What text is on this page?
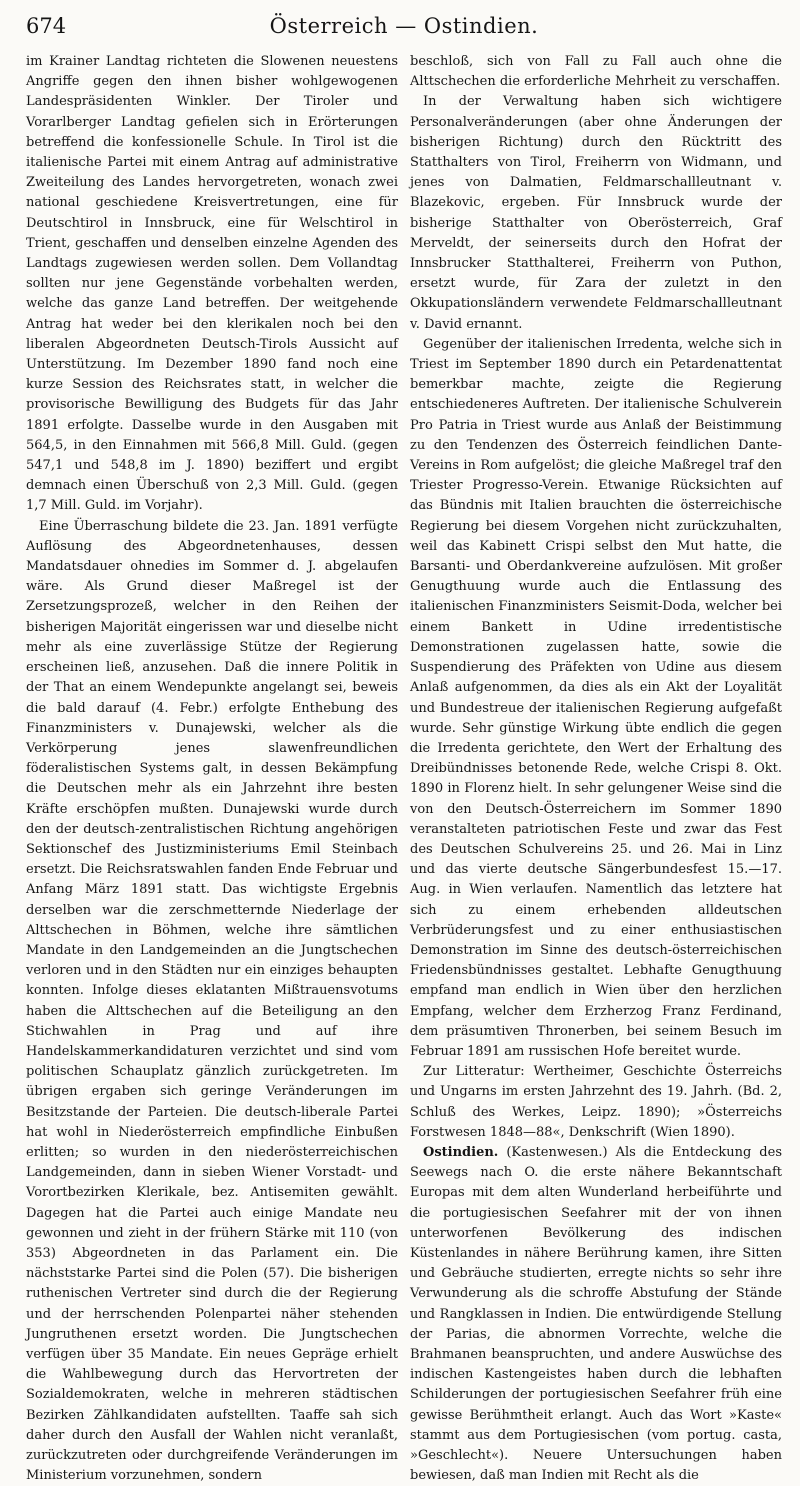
674	Österreich — Ostindien.

im Krainer Landtag richteten die Slowenen neuestens Angriffe gegen den ihnen bisher wohlgewogenen Landespräsidenten Winkler. Der Tiroler und Vorarlberger Landtag gefielen sich in Erörterungen betreffend die konfessionelle Schule. In Tirol ist die italienische Partei mit einem Antrag auf administrative Zweiteilung des Landes hervorgetreten, wonach zwei national geschiedene Kreisvertretungen, eine für Deutschtirol in Innsbruck, eine für Welschtirol in Trient, geschaffen und denselben einzelne Agenden des Landtags zugewiesen werden sollen. Dem Vollandtag sollten nur jene Gegenstände vorbehalten werden, welche das ganze Land betreffen. Der weitgehende Antrag hat weder bei den klerikalen noch bei den liberalen Abgeordneten Deutsch-Tirols Aussicht auf Unterstützung. Im Dezember 1890 fand noch eine kurze Session des Reichsrates statt, in welcher die provisorische Bewilligung des Budgets für das Jahr 1891 erfolgte. Dasselbe wurde in den Ausgaben mit 564,5, in den Einnahmen mit 566,8 Mill. Guld. (gegen 547,1 und 548,8 im J. 1890) beziffert und ergibt demnach einen Überschuß von 2,3 Mill. Guld. (gegen 1,7 Mill. Guld. im Vorjahr).

Eine Überraschung bildete die 23. Jan. 1891 verfügte Auflösung des Abgeordnetenhauses, dessen Mandatsdauer ohnedies im Sommer d. J. abgelaufen wäre. Als Grund dieser Maßregel ist der Zersetzungsprozeß, welcher in den Reihen der bisherigen Majorität eingerissen war und dieselbe nicht mehr als eine zuverlässige Stütze der Regierung erscheinen ließ, anzusehen. Daß die innere Politik in der That an einem Wendepunkte angelangt sei, beweis die bald darauf (4. Febr.) erfolgte Enthebung des Finanzministers v. Dunajewski, welcher als die Verkörperung jenes slawenfreundlichen föderalistischen Systems galt, in dessen Bekämpfung die Deutschen mehr als ein Jahrzehnt ihre besten Kräfte erschöpfen mußten. Dunajewski wurde durch den der deutsch-zentralistischen Richtung angehörigen Sektionschef des Justizministeriums Emil Steinbach ersetzt. Die Reichsratswahlen fanden Ende Februar und Anfang März 1891 statt. Das wichtigste Ergebnis derselben war die zerschmetternde Niederlage der Alttschechen in Böhmen, welche ihre sämtlichen Mandate in den Landgemeinden an die Jungtschechen verloren und in den Städten nur ein einziges behaupten konnten. Infolge dieses eklatanten Mißtrauensvotums haben die Alttschechen auf die Beteiligung an den Stichwahlen in Prag und auf ihre Handelskammerkandidaturen verzichtet und sind vom politischen Schauplatz gänzlich zurückgetreten. Im übrigen ergaben sich geringe Veränderungen im Besitzstande der Parteien. Die deutsch-liberale Partei hat wohl in Niederösterreich empfindliche Einbußen erlitten; so wurden in den niederösterreichischen Landgemeinden, dann in sieben Wiener Vorstadt- und Vorortbezirken Klerikale, bez. Antisemiten gewählt. Dagegen hat die Partei auch einige Mandate neu gewonnen und zieht in der frühern Stärke mit 110 (von 353) Abgeordneten in das Parlament ein. Die nächststarke Partei sind die Polen (57). Die bisherigen ruthenischen Vertreter sind durch die der Regierung und der herrschenden Polenpartei näher stehenden Jungruthenen ersetzt worden. Die Jungtschechen verfügen über 35 Mandate. Ein neues Gepräge erhielt die Wahlbewegung durch das Hervortreten der Sozialdemokraten, welche in mehreren städtischen Bezirken Zählkandidaten aufstellten. Taaffe sah sich daher durch den Ausfall der Wahlen nicht veranlaßt, zurückzutreten oder durchgreifende Veränderungen im Ministerium vorzunehmen, sondern

beschloß, sich von Fall zu Fall auch ohne die Alttschechen die erforderliche Mehrheit zu verschaffen.

In der Verwaltung haben sich wichtigere Personalveränderungen (aber ohne Änderungen der bisherigen Richtung) durch den Rücktritt des Statthalters von Tirol, Freiherrn von Widmann, und jenes von Dalmatien, Feldmarschallleutnant v. Blazekovic, ergeben. Für Innsbruck wurde der bisherige Statthalter von Oberösterreich, Graf Merveldt, der seinerseits durch den Hofrat der Innsbrucker Statthalterei, Freiherrn von Puthon, ersetzt wurde, für Zara der zuletzt in den Okkupationsländern verwendete Feldmarschallleutnant v. David ernannt.

Gegenüber der italienischen Irredenta, welche sich in Triest im September 1890 durch ein Petardenattentat bemerkbar machte, zeigte die Regierung entschiedeneres Auftreten. Der italienische Schulverein Pro Patria in Triest wurde aus Anlaß der Beistimmung zu den Tendenzen des Österreich feindlichen Dante-Vereins in Rom aufgelöst; die gleiche Maßregel traf den Triester Progresso-Verein. Etwanige Rücksichten auf das Bündnis mit Italien brauchten die österreichische Regierung bei diesem Vorgehen nicht zurückzuhalten, weil das Kabinett Crispi selbst den Mut hatte, die Barsanti- und Oberdankvereine aufzulösen. Mit großer Genugthuung wurde auch die Entlassung des italienischen Finanzministers Seismit-Doda, welcher bei einem Bankett in Udine irredentistische Demonstrationen zugelassen hatte, sowie die Suspendierung des Präfekten von Udine aus diesem Anlaß aufgenommen, da dies als ein Akt der Loyalität und Bundestreue der italienischen Regierung aufgefaßt wurde. Sehr günstige Wirkung übte endlich die gegen die Irredenta gerichtete, den Wert der Erhaltung des Dreibündnisses betonende Rede, welche Crispi 8. Okt. 1890 in Florenz hielt. In sehr gelungener Weise sind die von den Deutsch-Österreichern im Sommer 1890 veranstalteten patriotischen Feste und zwar das Fest des Deutschen Schulvereins 25. und 26. Mai in Linz und das vierte deutsche Sängerbundesfest 15.—17. Aug. in Wien verlaufen. Namentlich das letztere hat sich zu einem erhebenden alldeutschen Verbrüderungsfest und zu einer enthusiastischen Demonstration im Sinne des deutsch-österreichischen Friedensbündnisses gestaltet. Lebhafte Genugthuung empfand man endlich in Wien über den herzlichen Empfang, welcher dem Erzherzog Franz Ferdinand, dem präsumtiven Thronerben, bei seinem Besuch im Februar 1891 am russischen Hofe bereitet wurde.

Zur Litteratur: Wertheimer, Geschichte Österreichs und Ungarns im ersten Jahrzehnt des 19. Jahrh. (Bd. 2, Schluß des Werkes, Leipz. 1890); »Österreichs Forstwesen 1848—88«, Denkschrift (Wien 1890).

Ostindien. (Kastenwesen.) Als die Entdeckung des Seewegs nach O. die erste nähere Bekanntschaft Europas mit dem alten Wunderland herbeiführte und die portugiesischen Seefahrer mit der von ihnen unterworfenen Bevölkerung des indischen Küstenlandes in nähere Berührung kamen, ihre Sitten und Gebräuche studierten, erregte nichts so sehr ihre Verwunderung als die schroffe Abstufung der Stände und Rangklassen in Indien. Die entwürdigende Stellung der Parias, die abnormen Vorrechte, welche die Brahmanen beanspruchten, und andere Auswüchse des indischen Kastengeistes haben durch die lebhaften Schilderungen der portugiesischen Seefahrer früh eine gewisse Berühmtheit erlangt. Auch das Wort »Kaste« stammt aus dem Portugiesischen (vom portug. casta, »Geschlecht«). Neuere Untersuchungen haben bewiesen, daß man Indien mit Recht als die
